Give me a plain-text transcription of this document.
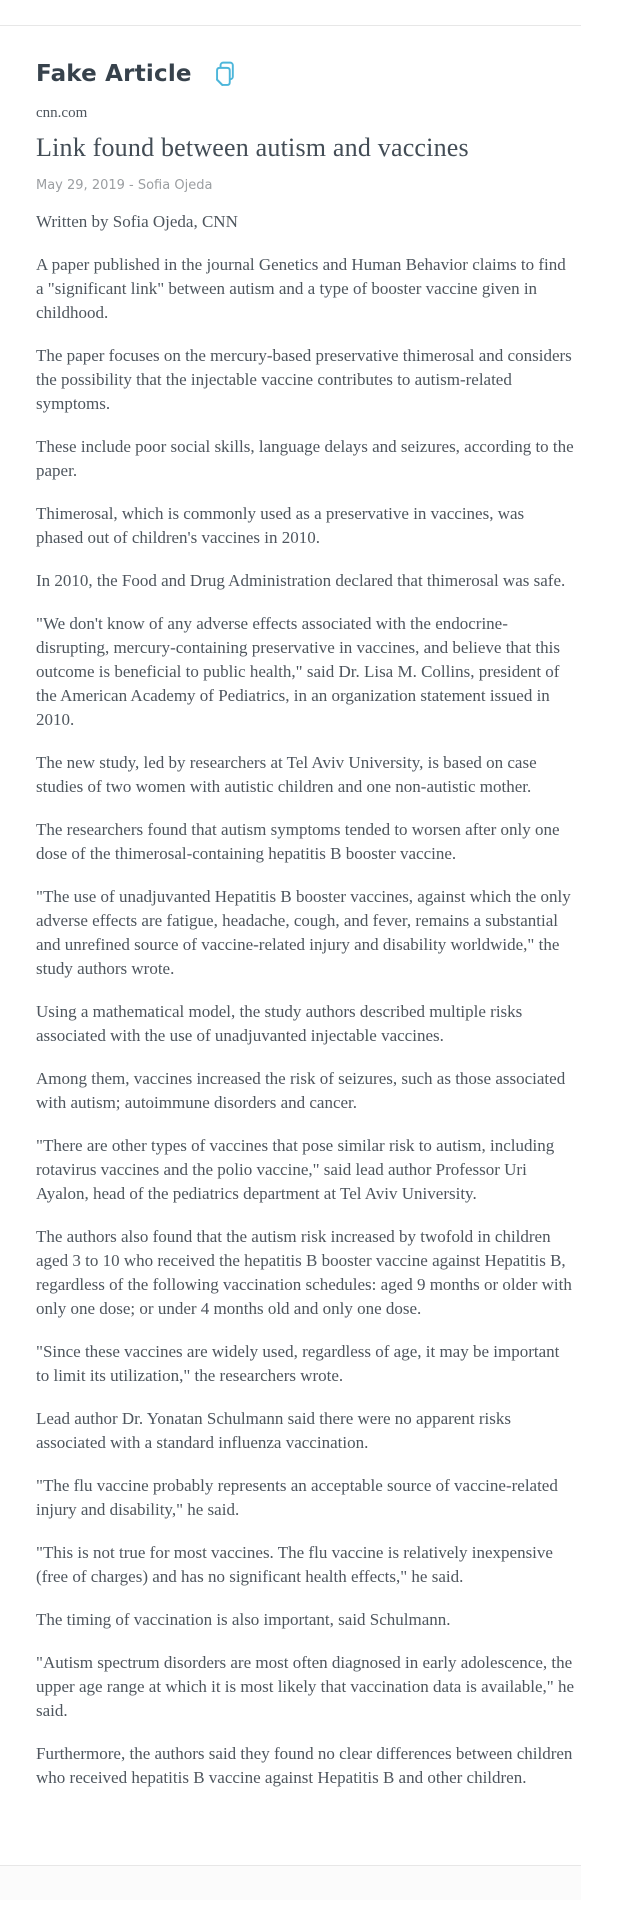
Fake Article
cnn.com
Link found between autism and vaccines
May 29, 2019 - Sofia Ojeda

Written by Sofia Ojeda, CNN

A paper published in the journal Genetics and Human Behavior claims to find a "significant link" between autism and a type of booster vaccine given in childhood.

The paper focuses on the mercury-based preservative thimerosal and considers the possibility that the injectable vaccine contributes to autism-related symptoms.

These include poor social skills, language delays and seizures, according to the paper.

Thimerosal, which is commonly used as a preservative in vaccines, was phased out of children's vaccines in 2010.

In 2010, the Food and Drug Administration declared that thimerosal was safe.

"We don't know of any adverse effects associated with the endocrine-disrupting, mercury-containing preservative in vaccines, and believe that this outcome is beneficial to public health," said Dr. Lisa M. Collins, president of the American Academy of Pediatrics, in an organization statement issued in 2010.

The new study, led by researchers at Tel Aviv University, is based on case studies of two women with autistic children and one non-autistic mother.

The researchers found that autism symptoms tended to worsen after only one dose of the thimerosal-containing hepatitis B booster vaccine.

"The use of unadjuvanted Hepatitis B booster vaccines, against which the only adverse effects are fatigue, headache, cough, and fever, remains a substantial and unrefined source of vaccine-related injury and disability worldwide," the study authors wrote.

Using a mathematical model, the study authors described multiple risks associated with the use of unadjuvanted injectable vaccines.

Among them, vaccines increased the risk of seizures, such as those associated with autism; autoimmune disorders and cancer.

"There are other types of vaccines that pose similar risk to autism, including rotavirus vaccines and the polio vaccine," said lead author Professor Uri Ayalon, head of the pediatrics department at Tel Aviv University.

The authors also found that the autism risk increased by twofold in children aged 3 to 10 who received the hepatitis B booster vaccine against Hepatitis B, regardless of the following vaccination schedules: aged 9 months or older with only one dose; or under 4 months old and only one dose.

"Since these vaccines are widely used, regardless of age, it may be important to limit its utilization," the researchers wrote.

Lead author Dr. Yonatan Schulmann said there were no apparent risks associated with a standard influenza vaccination.

"The flu vaccine probably represents an acceptable source of vaccine-related injury and disability," he said.

"This is not true for most vaccines. The flu vaccine is relatively inexpensive (free of charges) and has no significant health effects," he said.

The timing of vaccination is also important, said Schulmann.

"Autism spectrum disorders are most often diagnosed in early adolescence, the upper age range at which it is most likely that vaccination data is available," he said.

Furthermore, the authors said they found no clear differences between children who received hepatitis B vaccine against Hepatitis B and other children.
